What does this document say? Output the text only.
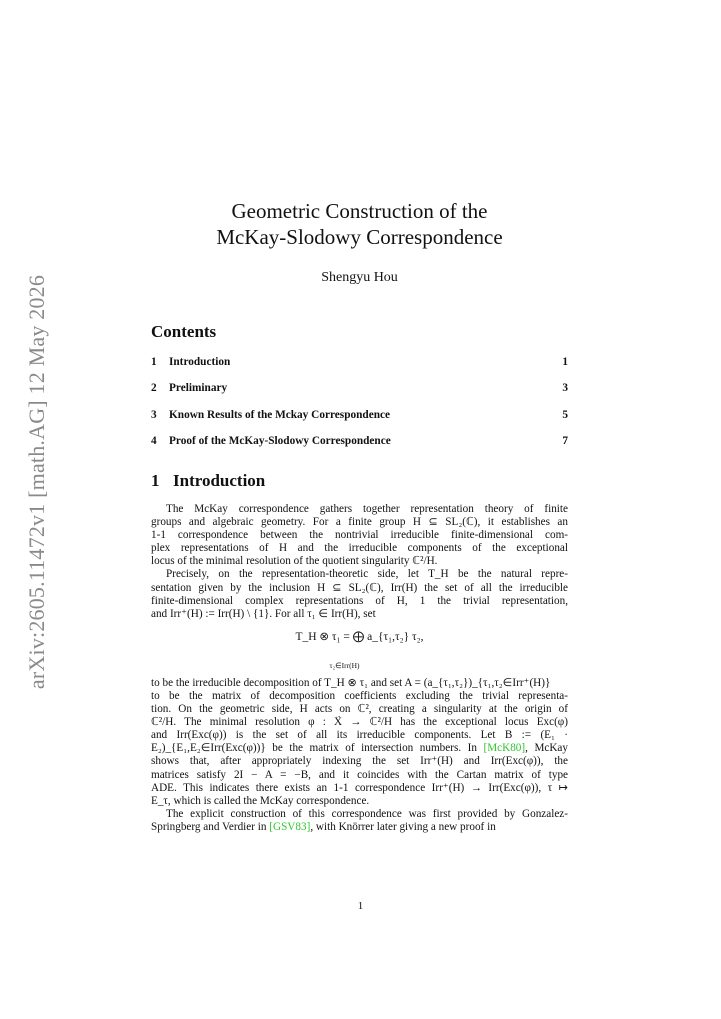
arXiv:2605.11472v1 [math.AG] 12 May 2026
Geometric Construction of the
McKay-Slodowy Correspondence
Shengyu Hou
Contents
1 Introduction	1
2 Preliminary	3
3 Known Results of the Mckay Correspondence	5
4 Proof of the McKay-Slodowy Correspondence	7
1 Introduction
The McKay correspondence gathers together representation theory of finite
groups and algebraic geometry. For a finite group H ⊆ SL₂(ℂ), it establishes an
1-1 correspondence between the nontrivial irreducible finite-dimensional com-
plex representations of H and the irreducible components of the exceptional
locus of the minimal resolution of the quotient singularity ℂ²/H.
Precisely, on the representation-theoretic side, let T_H be the natural repre-
sentation given by the inclusion H ⊆ SL₂(ℂ), Irr(H) the set of all the irreducible
finite-dimensional complex representations of H, 1 the trivial representation,
and Irr⁺(H) := Irr(H) \ {1}. For all τ₁ ∈ Irr(H), set
T_H ⊗ τ₁ = ⨁ a_{τ₁,τ₂} τ₂,
τ₂∈Irr(H)
to be the irreducible decomposition of T_H ⊗ τ₁ and set A = (a_{τ₁,τ₂})_{τ₁,τ₂∈Irr⁺(H)}
to be the matrix of decomposition coefficients excluding the trivial representa-
tion. On the geometric side, H acts on ℂ², creating a singularity at the origin of
ℂ²/H. The minimal resolution φ : X̃ → ℂ²/H has the exceptional locus Exc(φ)
and Irr(Exc(φ)) is the set of all its irreducible components. Let B := (E₁ ·
E₂)_{E₁,E₂∈Irr(Exc(φ))} be the matrix of intersection numbers. In [McK80], McKay
shows that, after appropriately indexing the set Irr⁺(H) and Irr(Exc(φ)), the
matrices satisfy 2I − A = −B, and it coincides with the Cartan matrix of type
ADE. This indicates there exists an 1-1 correspondence Irr⁺(H) → Irr(Exc(φ)), τ ↦
E_τ, which is called the McKay correspondence.
The explicit construction of this correspondence was first provided by Gonzalez-
Springberg and Verdier in [GSV83], with Knörrer later giving a new proof in
1
